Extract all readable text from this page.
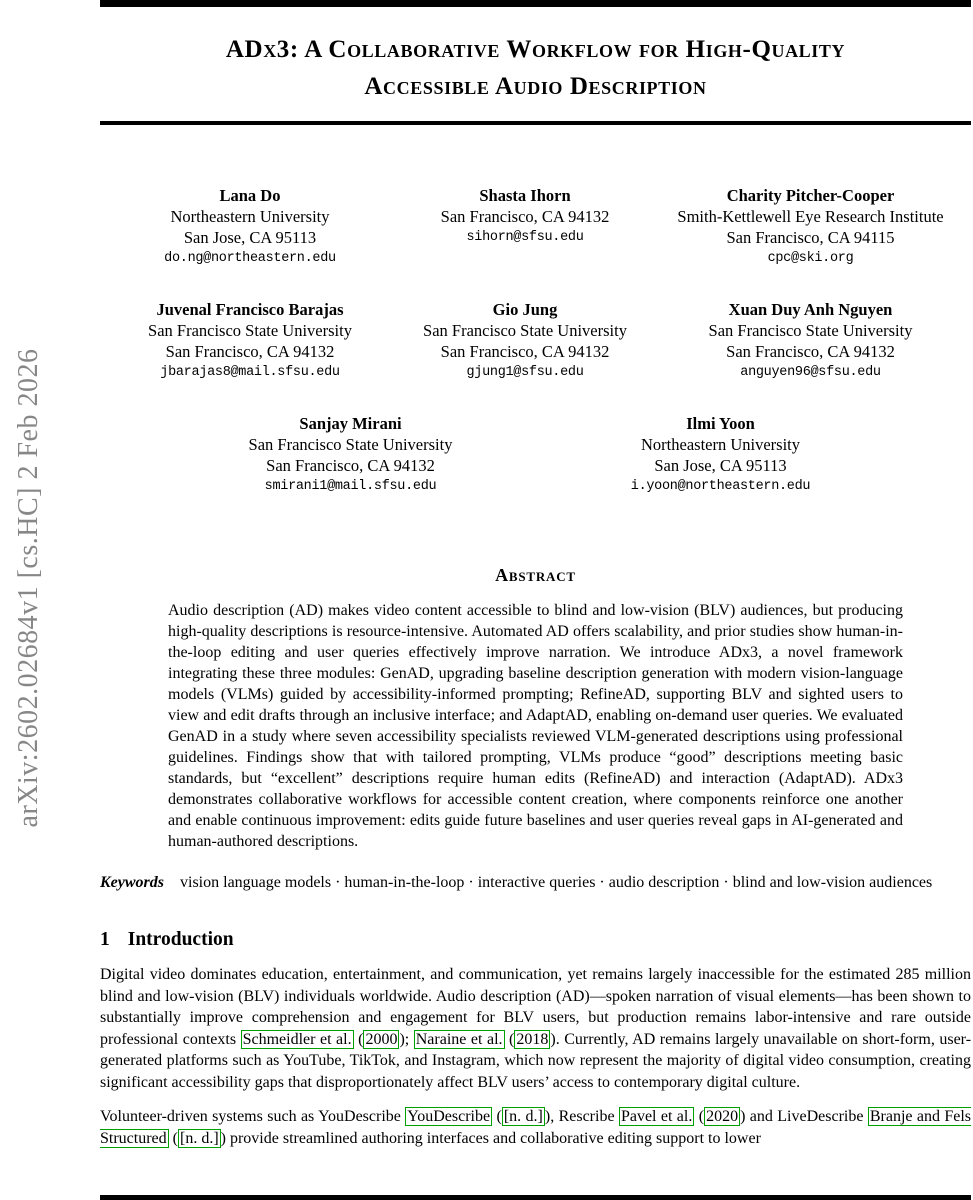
arXiv:2602.02684v1 [cs.HC] 2 Feb 2026
ADx3: A Collaborative Workflow for High-Quality
Accessible Audio Description
Lana Do
Northeastern University
San Jose, CA 95113
do.ng@northeastern.edu
Shasta Ihorn
San Francisco, CA 94132
sihorn@sfsu.edu
Charity Pitcher-Cooper
Smith-Kettlewell Eye Research Institute
San Francisco, CA 94115
cpc@ski.org
Juvenal Francisco Barajas
San Francisco State University
San Francisco, CA 94132
jbarajas8@mail.sfsu.edu
Gio Jung
San Francisco State University
San Francisco, CA 94132
gjung1@sfsu.edu
Xuan Duy Anh Nguyen
San Francisco State University
San Francisco, CA 94132
anguyen96@sfsu.edu
Sanjay Mirani
San Francisco State University
San Francisco, CA 94132
smirani1@mail.sfsu.edu
Ilmi Yoon
Northeastern University
San Jose, CA 95113
i.yoon@northeastern.edu
Abstract

Audio description (AD) makes video content accessible to blind and low-vision (BLV) audiences, but producing high-quality descriptions is resource-intensive. Automated AD offers scalability, and prior studies show human-in-the-loop editing and user queries effectively improve narration. We introduce ADx3, a novel framework integrating these three modules: GenAD, upgrading baseline description generation with modern vision-language models (VLMs) guided by accessibility-informed prompting; RefineAD, supporting BLV and sighted users to view and edit drafts through an inclusive interface; and AdaptAD, enabling on-demand user queries. We evaluated GenAD in a study where seven accessibility specialists reviewed VLM-generated descriptions using professional guidelines. Findings show that with tailored prompting, VLMs produce “good” descriptions meeting basic standards, but “excellent” descriptions require human edits (RefineAD) and interaction (AdaptAD). ADx3 demonstrates collaborative workflows for accessible content creation, where components reinforce one another and enable continuous improvement: edits guide future baselines and user queries reveal gaps in AI-generated and human-authored descriptions.

Keywords vision language models · human-in-the-loop · interactive queries · audio description · blind and low-vision audiences

1 Introduction

Digital video dominates education, entertainment, and communication, yet remains largely inaccessible for the estimated 285 million blind and low-vision (BLV) individuals worldwide. Audio description (AD)—spoken narration of visual elements—has been shown to substantially improve comprehension and engagement for BLV users, but production remains labor-intensive and rare outside professional contexts Schmeidler et al. ( 2000 ); Naraine et al. ( 2018 ). Currently, AD remains largely unavailable on short-form, user-generated platforms such as YouTube, TikTok, and Instagram, which now represent the majority of digital video consumption, creating significant accessibility gaps that disproportionately affect BLV users’ access to contemporary digital culture.

Volunteer-driven systems such as YouDescribe YouDescribe ( [n. d.] ), Rescribe Pavel et al. ( 2020 ) and LiveDescribe Branje and Fels Structured ( [n. d.] ) provide streamlined authoring interfaces and collaborative editing support to lower
